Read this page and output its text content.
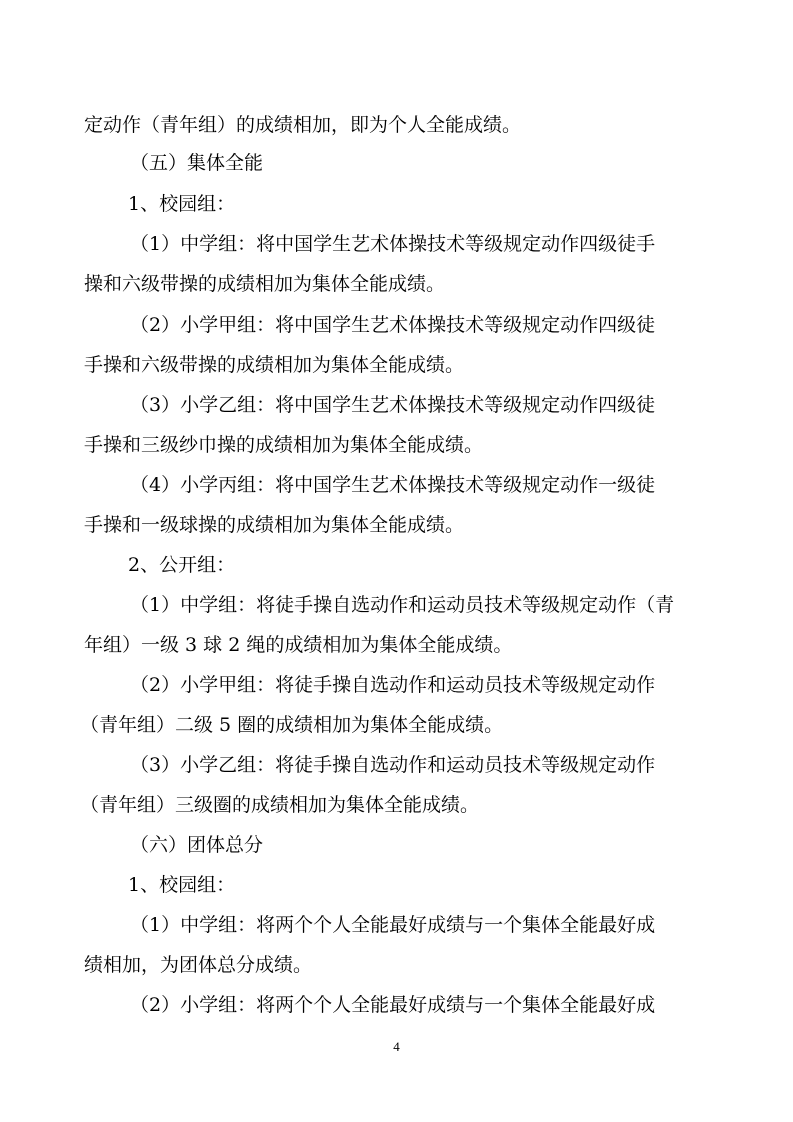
定动作（青年组）的成绩相加，即为个人全能成绩。
（五）集体全能
1、校园组：
（1）中学组：将中国学生艺术体操技术等级规定动作四级徒手
操和六级带操的成绩相加为集体全能成绩。
（2）小学甲组：将中国学生艺术体操技术等级规定动作四级徒
手操和六级带操的成绩相加为集体全能成绩。
（3）小学乙组：将中国学生艺术体操技术等级规定动作四级徒
手操和三级纱巾操的成绩相加为集体全能成绩。
（4）小学丙组：将中国学生艺术体操技术等级规定动作一级徒
手操和一级球操的成绩相加为集体全能成绩。
2、公开组：
（1）中学组：将徒手操自选动作和运动员技术等级规定动作（青
年组）一级 3 球 2 绳的成绩相加为集体全能成绩。
（2）小学甲组：将徒手操自选动作和运动员技术等级规定动作
（青年组）二级 5 圈的成绩相加为集体全能成绩。
（3）小学乙组：将徒手操自选动作和运动员技术等级规定动作
（青年组）三级圈的成绩相加为集体全能成绩。
（六）团体总分
1、校园组：
（1）中学组：将两个个人全能最好成绩与一个集体全能最好成
绩相加，为团体总分成绩。
（2）小学组：将两个个人全能最好成绩与一个集体全能最好成
4
